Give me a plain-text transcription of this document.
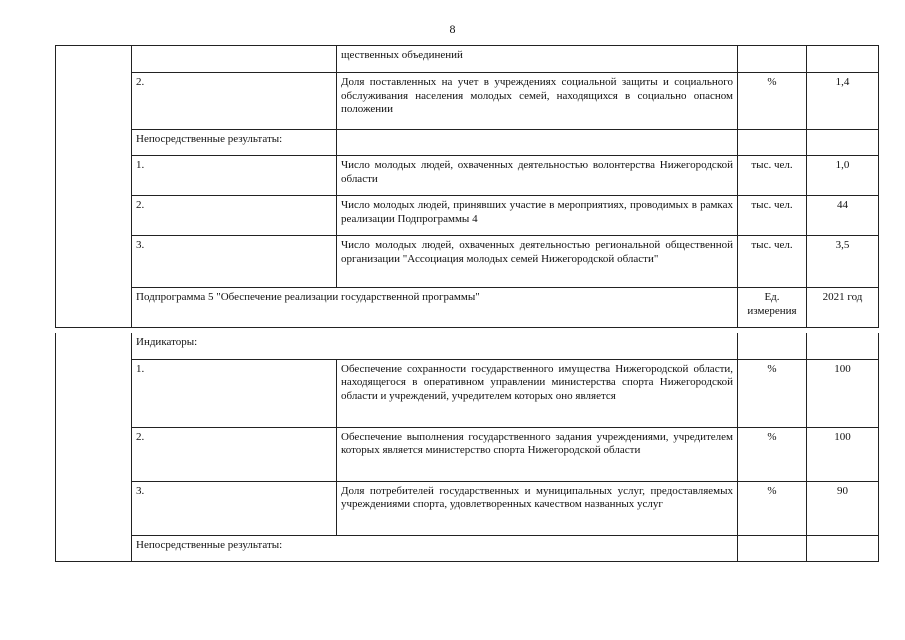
8
		щественных объединений		
	2.	Доля поставленных на учет в учреждениях социальной защиты и социального обслуживания населения молодых семей, находящихся в социально опасном положении	%	1,4
	Непосредственные результаты:			
	1.	Число молодых людей, охваченных деятельностью волонтерства Нижегородской области	тыс. чел.	1,0
	2.	Число молодых людей, принявших участие в мероприятиях, проводимых в рамках реализации Подпрограммы 4	тыс. чел.	44
	3.	Число молодых людей, охваченных деятельностью региональной общественной организации "Ассоциация молодых семей Нижегородской области"	тыс. чел.	3,5
	Подпрограмма 5 "Обеспечение реализации государственной программы"		Ед. измерения	2021 год
	Индикаторы:			
	1.	Обеспечение сохранности государственного имущества Нижегородской области, находящегося в оперативном управлении министерства спорта Нижегородской области и учреждений, учредителем которых оно является	%	100
	2.	Обеспечение выполнения государственного задания учреждениями, учредителем которых является министерство спорта Нижегородской области	%	100
	3.	Доля потребителей государственных и муниципальных услуг, предоставляемых учреждениями спорта, удовлетворенных качеством названных услуг	%	90
	Непосредственные результаты:			
